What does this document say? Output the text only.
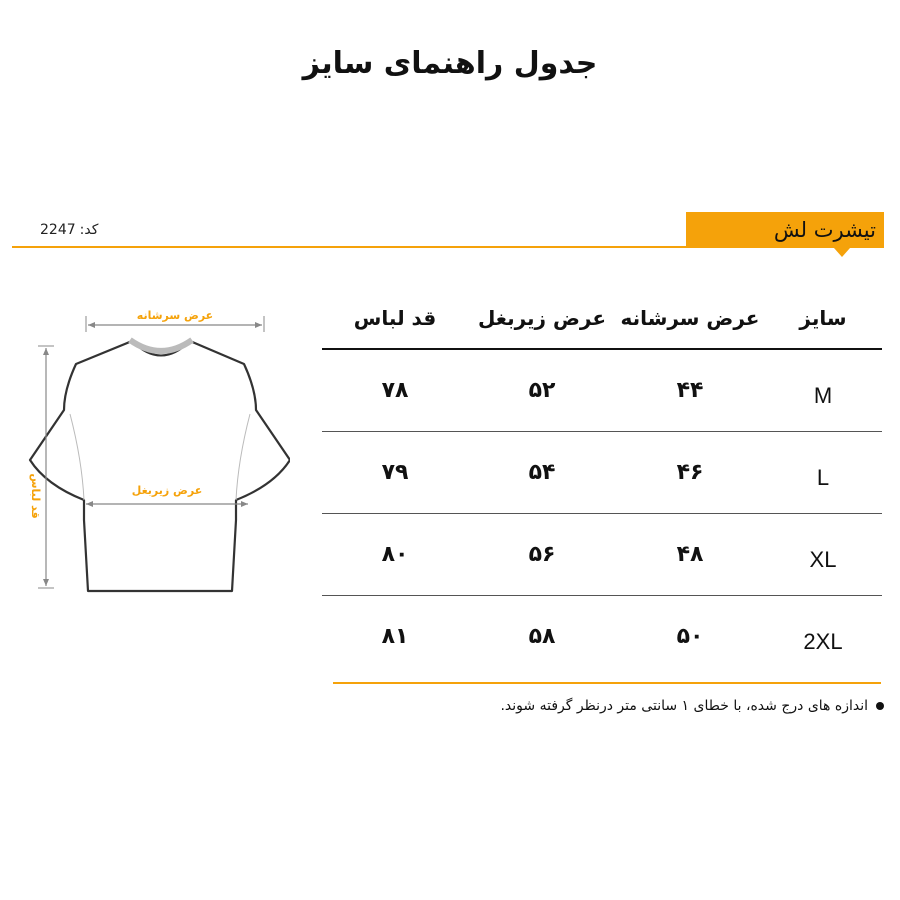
جدول راهنمای سایز
تیشرت لش
2247 کد:
عرض سرشانه
عرض زیربغل
قد لباس
سایز	عرض سرشانه	عرض زیربغل	قد لباس
M	۴۴	۵۲	۷۸
L	۴۶	۵۴	۷۹
XL	۴۸	۵۶	۸۰
2XL	۵۰	۵۸	۸۱
اندازه های درج شده، با خطای ۱ سانتی متر درنظر گرفته شوند.
